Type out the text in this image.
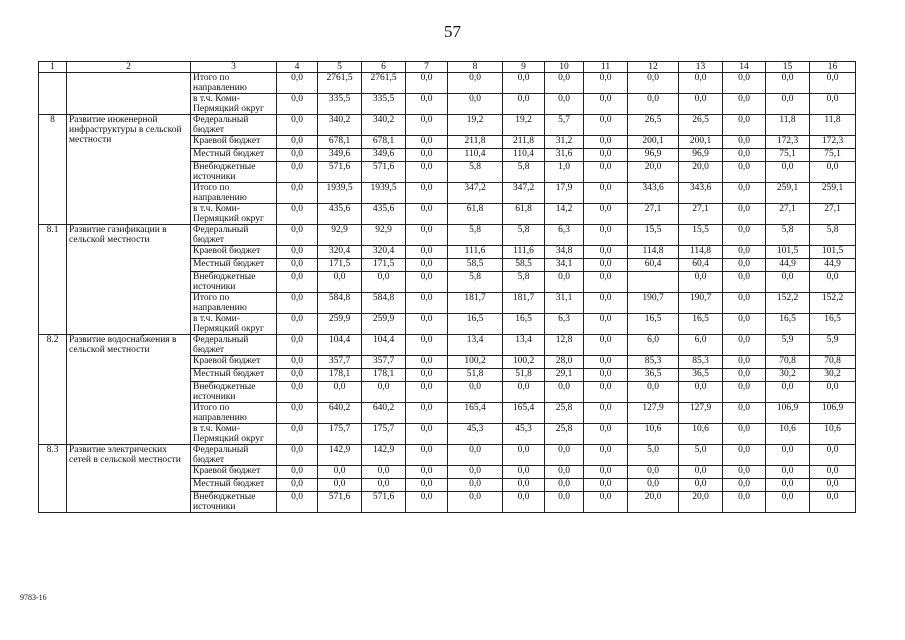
57
1	2	3	4	5	6	7	8	9	10	11	12	13	14	15	16
		Итого по направлению	0,0	2761,5	2761,5	0,0	0,0	0,0	0,0	0,0	0,0	0,0	0,0	0,0	0,0
		в т.ч. Коми-Пермяцкий округ	0,0	335,5	335,5	0,0	0,0	0,0	0,0	0,0	0,0	0,0	0,0	0,0	0,0
8	Развитие инженерной инфраструктуры в сельской местности	Федеральный бюджет	0,0	340,2	340,2	0,0	19,2	19,2	5,7	0,0	26,5	26,5	0,0	11,8	11,8
		Краевой бюджет	0,0	678,1	678,1	0,0	211,8	211,8	31,2	0,0	200,1	200,1	0,0	172,3	172,3
		Местный бюджет	0,0	349,6	349,6	0,0	110,4	110,4	31,6	0,0	96,9	96,9	0,0	75,1	75,1
		Внебюджетные источники	0,0	571,6	571,6	0,0	5,8	5,8	1,0	0,0	20,0	20,0	0,0	0,0	0,0
		Итого по направлению	0,0	1939,5	1939,5	0,0	347,2	347,2	17,9	0,0	343,6	343,6	0,0	259,1	259,1
		в т.ч. Коми-Пермяцкий округ	0,0	435,6	435,6	0,0	61,8	61,8	14,2	0,0	27,1	27,1	0,0	27,1	27,1
8.1	Развитие газификации в сельской местности	Федеральный бюджет	0,0	92,9	92,9	0,0	5,8	5,8	6,3	0,0	15,5	15,5	0,0	5,8	5,8
		Краевой бюджет	0,0	320,4	320,4	0,0	111,6	111,6	34,8	0,0	114,8	114,8	0,0	101,5	101,5
		Местный бюджет	0,0	171,5	171,5	0,0	58,5	58,5	34,1	0,0	60,4	60,4	0,0	44,9	44,9
		Внебюджетные источники	0,0	0,0	0,0	0,0	5,8	5,8	0,0	0,0		0,0	0,0	0,0	0,0
		Итого по направлению	0,0	584,8	584,8	0,0	181,7	181,7	31,1	0,0	190,7	190,7	0,0	152,2	152,2
		в т.ч. Коми-Пермяцкий округ	0,0	259,9	259,9	0,0	16,5	16,5	6,3	0,0	16,5	16,5	0,0	16,5	16,5
8.2	Развитие водоснабжения в сельской местности	Федеральный бюджет	0,0	104,4	104,4	0,0	13,4	13,4	12,8	0,0	6,0	6,0	0,0	5,9	5,9
		Краевой бюджет	0,0	357,7	357,7	0,0	100,2	100,2	28,0	0,0	85,3	85,3	0,0	70,8	70,8
		Местный бюджет	0,0	178,1	178,1	0,0	51,8	51,8	29,1	0,0	36,5	36,5	0,0	30,2	30,2
		Внебюджетные источники	0,0	0,0	0,0	0,0	0,0	0,0	0,0	0,0	0,0	0,0	0,0	0,0	0,0
		Итого по направлению	0,0	640,2	640,2	0,0	165,4	165,4	25,8	0,0	127,9	127,9	0,0	106,9	106,9
		в т.ч. Коми-Пермяцкий округ	0,0	175,7	175,7	0,0	45,3	45,3	25,8	0,0	10,6	10,6	0,0	10,6	10,6
8.3	Развитие электрических сетей в сельской местности	Федеральный бюджет	0,0	142,9	142,9	0,0	0,0	0,0	0,0	0,0	5,0	5,0	0,0	0,0	0,0
		Краевой бюджет	0,0	0,0	0,0	0,0	0,0	0,0	0,0	0,0	0,0	0,0	0,0	0,0	0,0
		Местный бюджет	0,0	0,0	0,0	0,0	0,0	0,0	0,0	0,0	0,0	0,0	0,0	0,0	0,0
		Внебюджетные источники	0,0	571,6	571,6	0,0	0,0	0,0	0,0	0,0	20,0	20,0	0,0	0,0	0,0
9783-16
